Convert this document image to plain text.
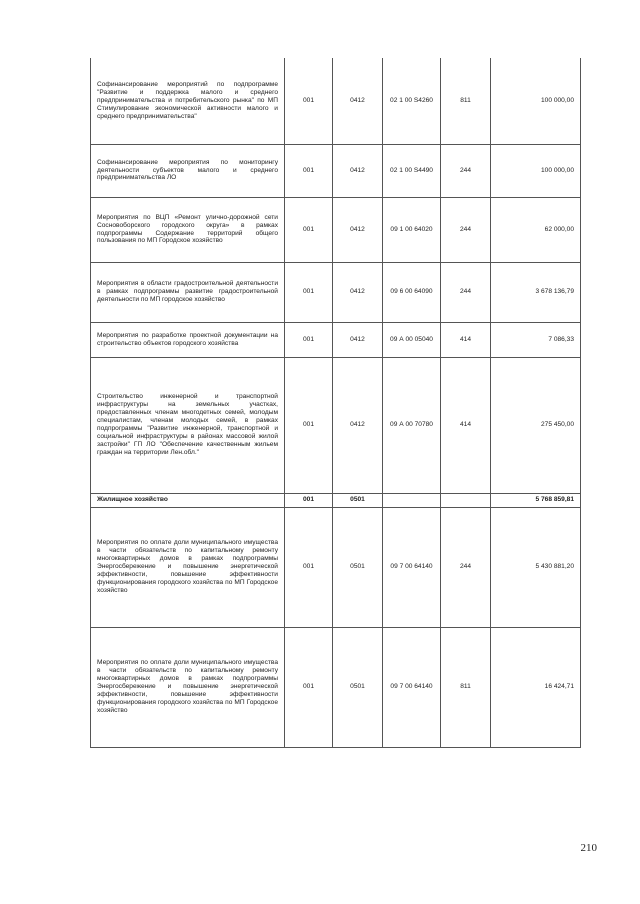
Софинансирование мероприятий по подпрограмме "Развитие и поддержка малого и среднего предпринимательства и потребительского рынка" по МП Стимулирование экономической активности малого и среднего предпринимательства"	001	0412	02 1 00 S4260	811	100 000,00
Софинансирование мероприятия по мониторингу деятельности субъектов малого и среднего предпринимательства ЛО	001	0412	02 1 00 S4490	244	100 000,00
Мероприятия по ВЦП «Ремонт улично-дорожной сети Сосновоборского городского округа» в рамках подпрограммы Содержание территорий общего пользования по МП Городское хозяйство	001	0412	09 1 00 64020	244	62 000,00
Мероприятия в области градостроительной деятельности в рамках подпрограммы развитие градостроительной деятельности по МП городское хозяйство	001	0412	09 6 00 64090	244	3 678 136,79
Мероприятия по разработке проектной документации на строительство объектов городского хозяйства	001	0412	09 А 00 05040	414	7 086,33
Строительство инженерной и транспортной инфраструктуры на земельных участках, предоставленных членам многодетных семей, молодым специалистам, членам молодых семей, в рамках подпрограммы "Развитие инженерной, транспортной и социальной инфраструктуры в районах массовой жилой застройки" ГП ЛО "Обеспечение качественным жильем граждан на территории Лен.обл."	001	0412	09 А 00 70780	414	275 450,00
Жилищное хозяйство	001	0501			5 768 859,81
Мероприятия по оплате доли муниципального имущества в части обязательств по капитальному ремонту многоквартирных домов в рамках подпрограммы Энергосбережение и повышение энергетической эффективности, повышение эффективности функционирования городского хозяйства по МП Городское хозяйство	001	0501	09 7 00 64140	244	5 430 881,20
Мероприятия по оплате доли муниципального имущества в части обязательств по капитальному ремонту многоквартирных домов в рамках подпрограммы Энергосбережение и повышение энергетической эффективности, повышение эффективности функционирования городского хозяйства по МП Городское хозяйство	001	0501	09 7 00 64140	811	16 424,71
210
